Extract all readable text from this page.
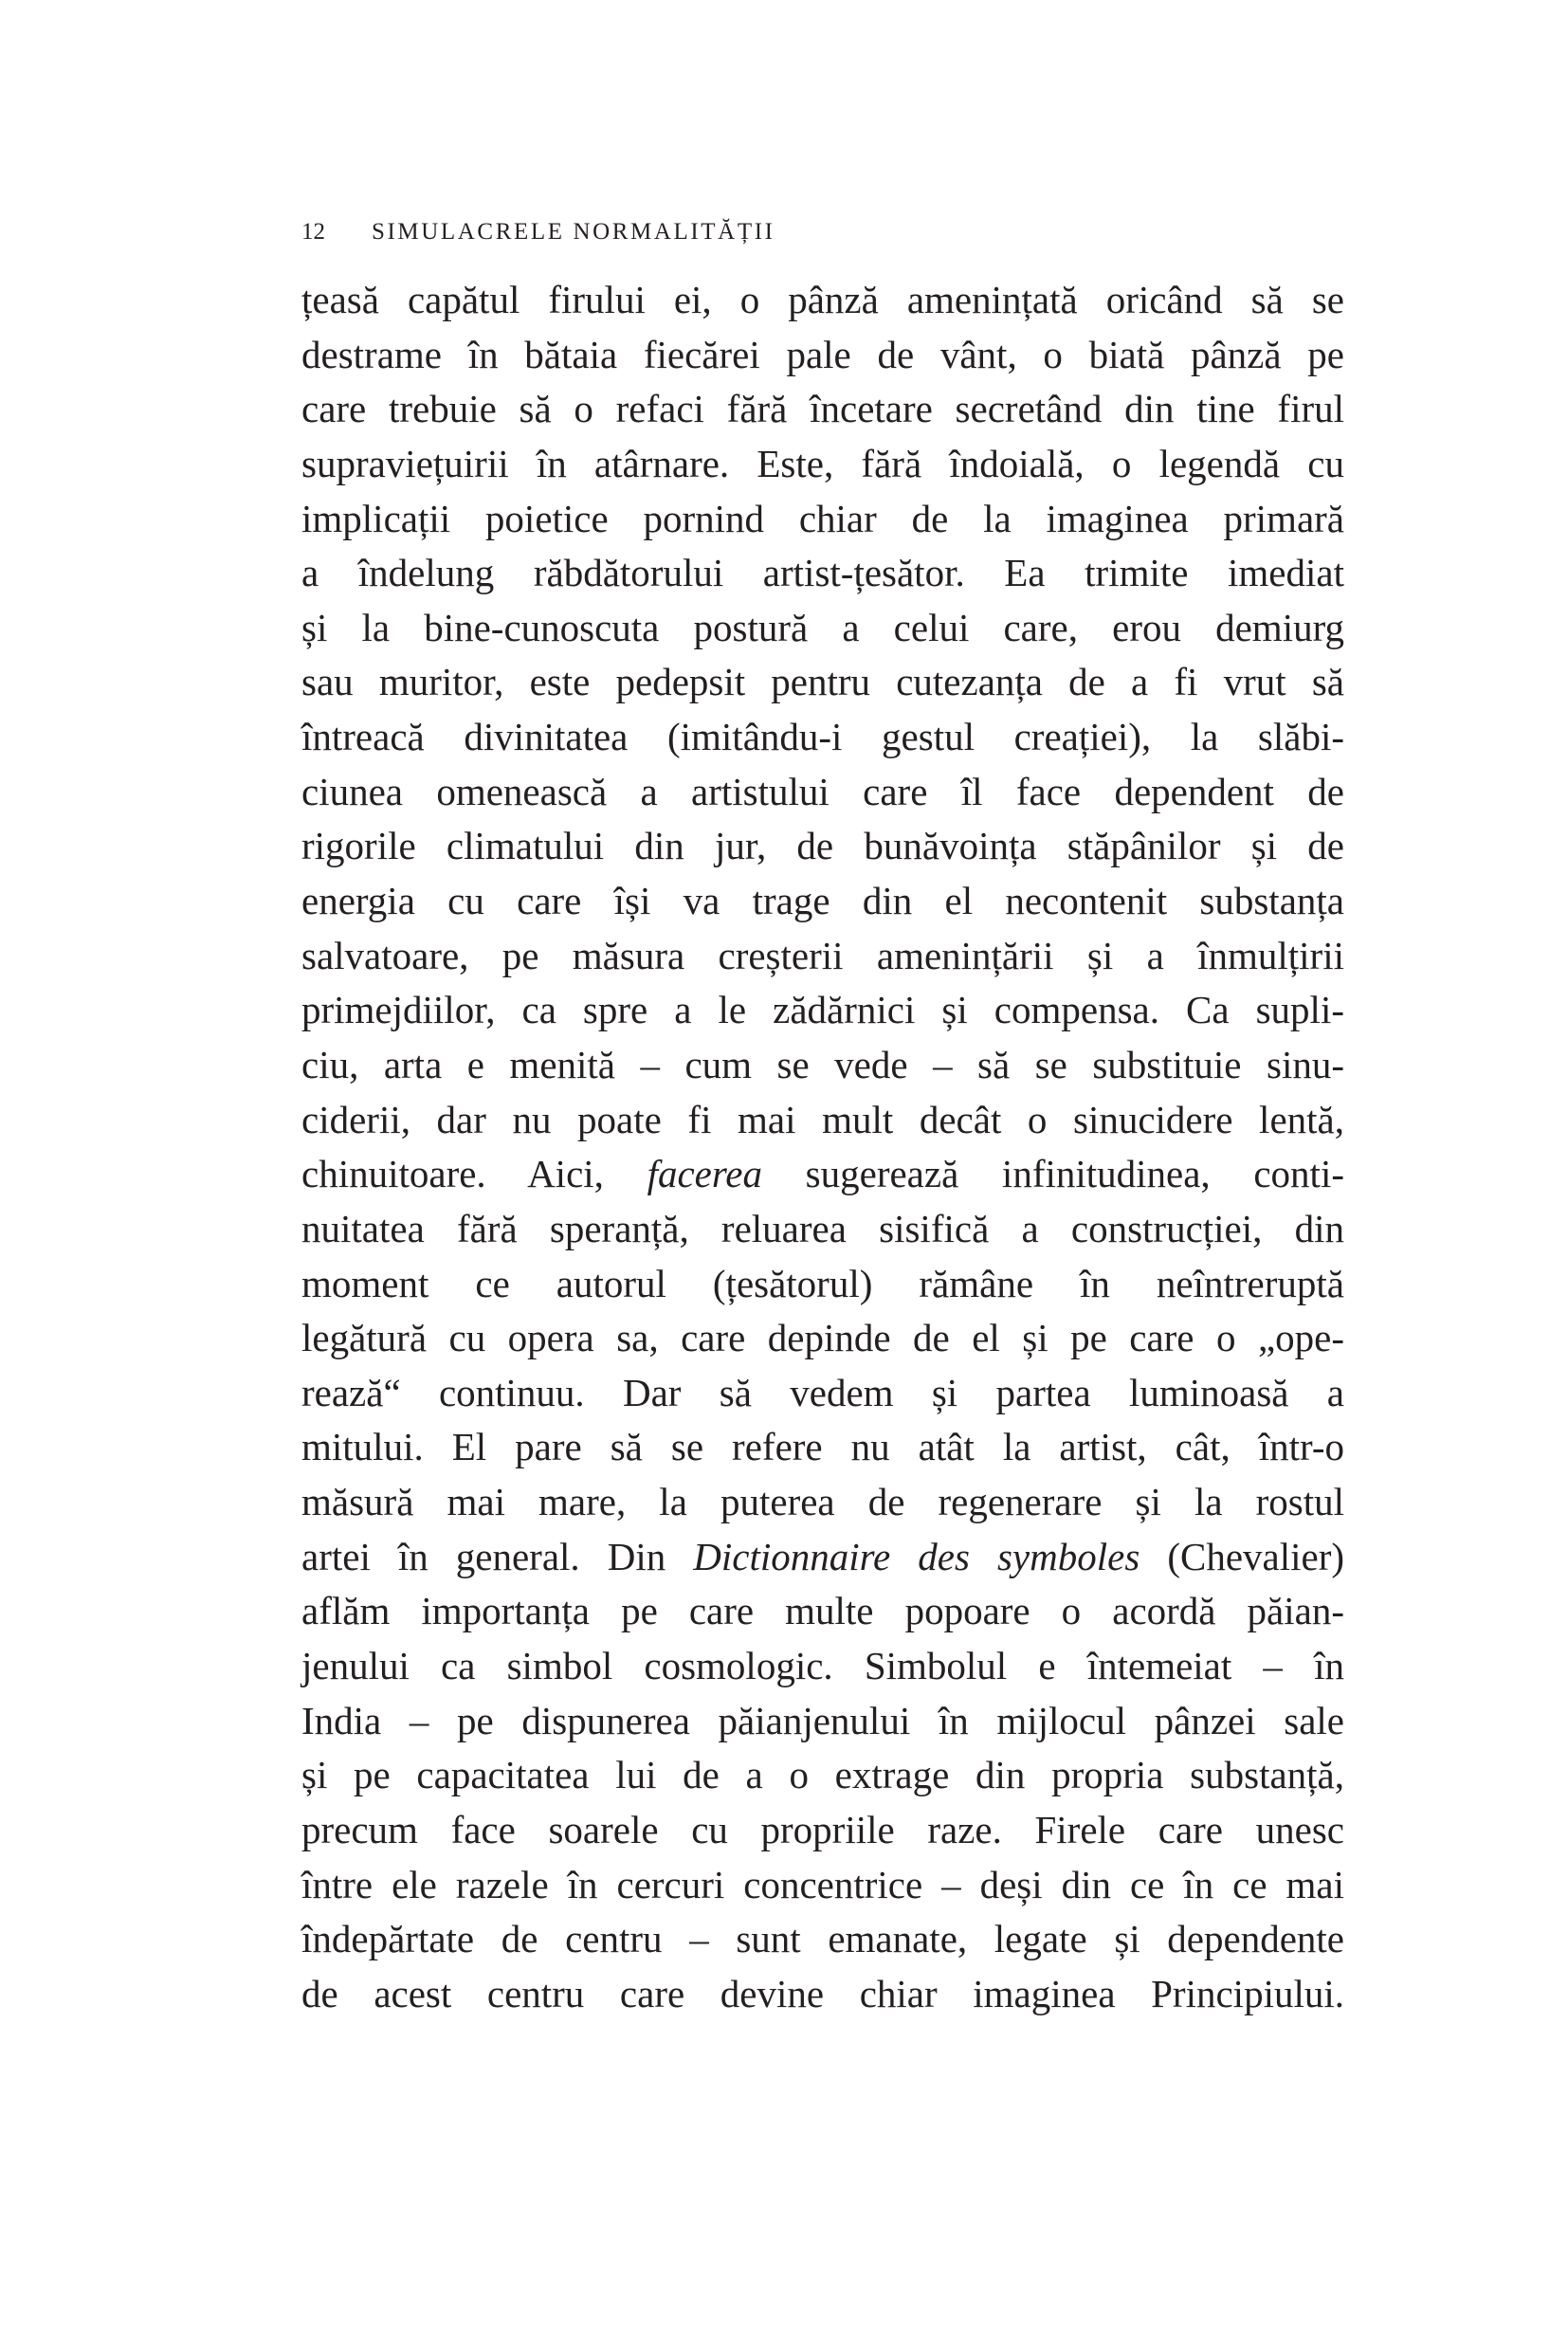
12 SIMULACRELE NORMALITĂȚII
țeasă capătul firului ei, o pânză amenințată oricând să se
destrame în bătaia fiecărei pale de vânt, o biată pânză pe
care trebuie să o refaci fără încetare secretând din tine firul
supraviețuirii în atârnare. Este, fără îndoială, o legendă cu
implicații poietice pornind chiar de la imaginea primară
a îndelung răbdătorului artist-țesător. Ea trimite imediat
și la bine-cunoscuta postură a celui care, erou demiurg
sau muritor, este pedepsit pentru cutezanța de a fi vrut să
întreacă divinitatea (imitându-i gestul creației), la slăbi-
ciunea omenească a artistului care îl face dependent de
rigorile climatului din jur, de bunăvoința stăpânilor și de
energia cu care își va trage din el necontenit substanța
salvatoare, pe măsura creșterii amenințării și a înmulțirii
primejdiilor, ca spre a le zădărnici și compensa. Ca supli-
ciu, arta e menită – cum se vede – să se substituie sinu-
ciderii, dar nu poate fi mai mult decât o sinucidere lentă,
chinuitoare. Aici, facerea sugerează infinitudinea, conti-
nuitatea fără speranță, reluarea sisifică a construcției, din
moment ce autorul (țesătorul) rămâne în neîntreruptă
legătură cu opera sa, care depinde de el și pe care o „ope-
rează“ continuu. Dar să vedem și partea luminoasă a
mitului. El pare să se refere nu atât la artist, cât, într-o
măsură mai mare, la puterea de regenerare și la rostul
artei în general. Din Dictionnaire des symboles (Chevalier)
aflăm importanța pe care multe popoare o acordă păian-
jenului ca simbol cosmologic. Simbolul e întemeiat – în
India – pe dispunerea păianjenului în mijlocul pânzei sale
și pe capacitatea lui de a o extrage din propria substanță,
precum face soarele cu propriile raze. Firele care unesc
între ele razele în cercuri concentrice – deși din ce în ce mai
îndepărtate de centru – sunt emanate, legate și dependente
de acest centru care devine chiar imaginea Principiului.
